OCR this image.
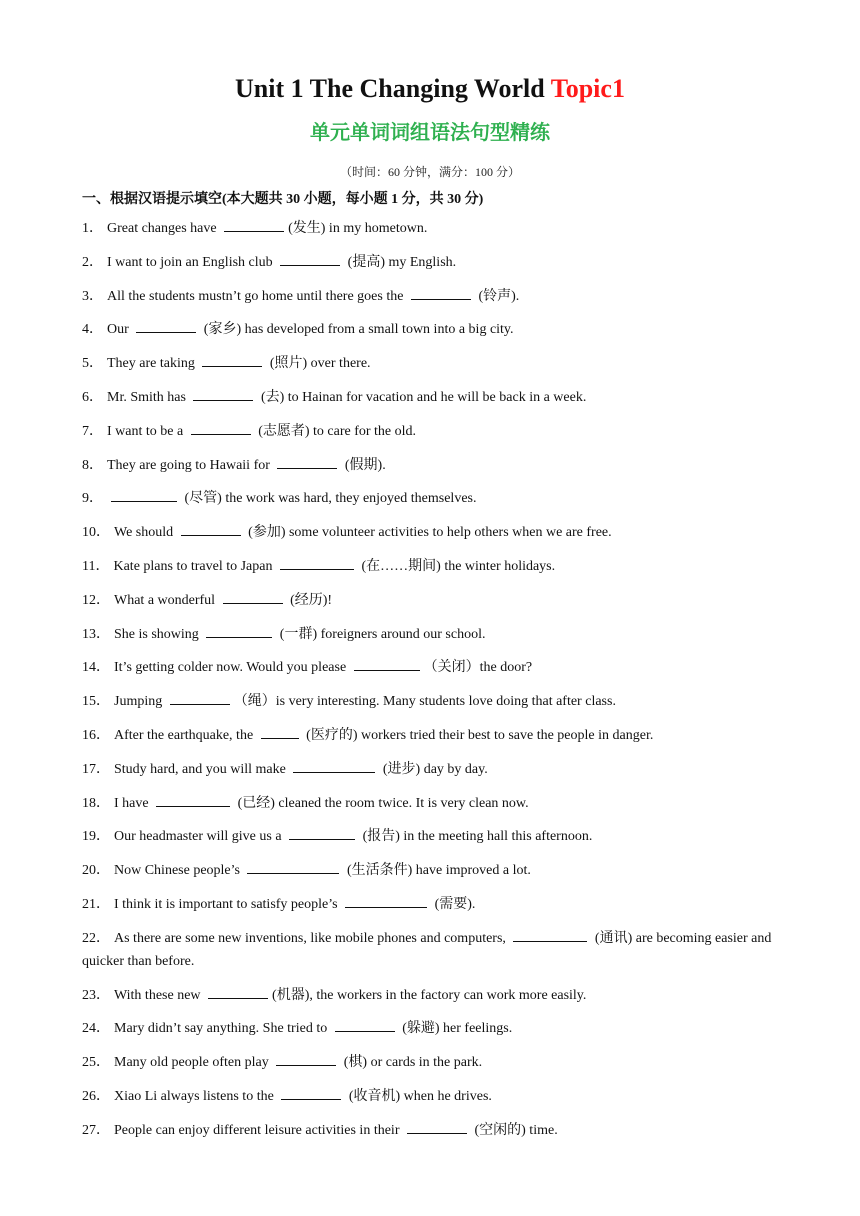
Unit 1 The Changing World Topic1
单元单词词组语法句型精练
（时间：60 分钟，满分：100 分）
一、根据汉语提示填空(本大题共 30 小题，每小题 1 分，共 30 分)
1． Great changes have	(发生) in my hometown.
2． I want to join an English club	(提高) my English.
3． All the students mustn’t go home until there goes the	(铃声).
4． Our	(家乡) has developed from a small town into a big city.
5． They are taking	(照片) over there.
6． Mr. Smith has	(去) to Hainan for vacation and he will be back in a week.
7． I want to be a	(志愿者) to care for the old.
8． They are going to Hawaii for	(假期).
9．	(尽管) the work was hard, they enjoyed themselves.
10． We should	(参加) some volunteer activities to help others when we are free.
11． Kate plans to travel to Japan	(在……期间) the winter holidays.
12． What a wonderful	(经历)!
13． She is showing	(一群) foreigners around our school.
14． It’s getting colder now. Would you please	（关闭）the door?
15． Jumping	（绳）is very interesting. Many students love doing that after class.
16． After the earthquake, the	(医疗的) workers tried their best to save the people in danger.
17． Study hard, and you will make	(进步) day by day.
18． I have	(已经) cleaned the room twice. It is very clean now.
19． Our headmaster will give us a	(报告) in the meeting hall this afternoon.
20． Now Chinese people’s	(生活条件) have improved a lot.
21． I think it is important to satisfy people’s	(需要).
22． As there are some new inventions, like mobile phones and computers,	(通讯) are becoming easier and quicker than before.
23． With these new	(机器), the workers in the factory can work more easily.
24． Mary didn’t say anything. She tried to	(躲避) her feelings.
25． Many old people often play	(棋) or cards in the park.
26． Xiao Li always listens to the	(收音机) when he drives.
27． People can enjoy different leisure activities in their	(空闲的) time.
